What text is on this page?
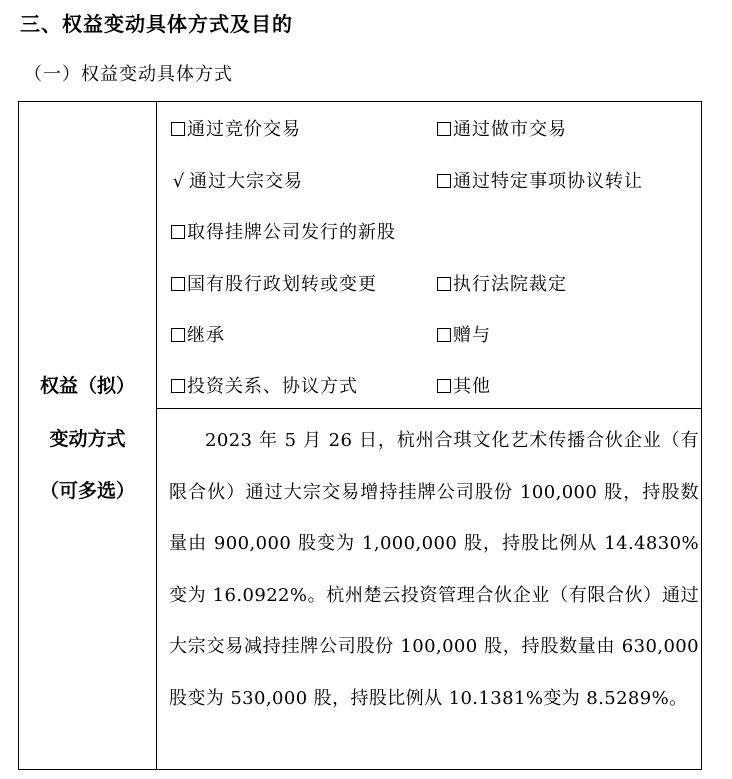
三、权益变动具体方式及目的
（一）权益变动具体方式
权益（拟）
变动方式
（可多选）
通过竞价交易	通过做市交易
√ 通过大宗交易	通过特定事项协议转让
取得挂牌公司发行的新股
国有股行政划转或变更	执行法院裁定
继承	赠与
投资关系、协议方式	其他
2023 年 5 月 26 日，杭州合琪文化艺术传播合伙企业（有限合伙）通过大宗交易增持挂牌公司股份 100,000 股，持股数量由 900,000 股变为 1,000,000 股，持股比例从 14.4830%变为 16.0922%。杭州楚云投资管理合伙企业（有限合伙）通过大宗交易减持挂牌公司股份 100,000 股，持股数量由 630,000 股变为 530,000 股，持股比例从 10.1381%变为 8.5289%。
